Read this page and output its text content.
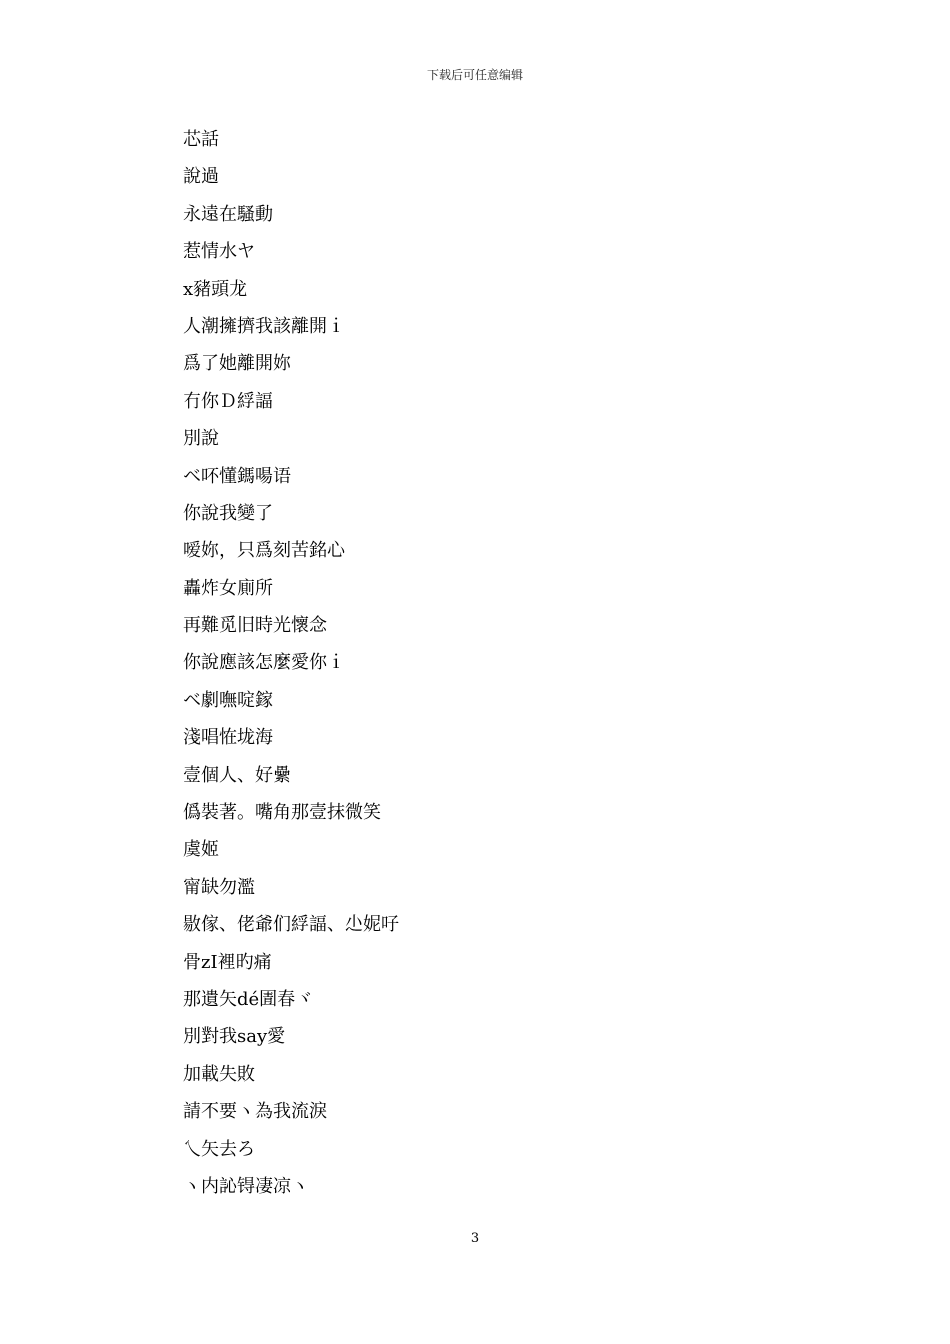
下载后可任意编辑
芯話
說過
永遠在騷動
惹情水ヤ
x豬頭龙
人潮擁擠我該離開ｉ
爲了她離開妳
冇你Ｄ綒諨
別說
ベ吥懂鎷啺语
你說我變了
嗳妳，只爲刻苦銘心
轟炸女廁所
再難觅旧時光懷念
你說應該怎麼愛你ｉ
ベ劇嘸啶鎵
淺唱恠垅海
壹個人、好纍
僞裝著。嘴角那壹抹微笑
虞姬
甯缺勿濫
敭傢、佬爺们綒諨、尐妮吇
骨zI裡旳痛
那遺矢dé圊春ヾ
別對我say愛
加載失敗
請不要ヽ為我流淚
乀矢去ろ
ヽ内訫锝凄凉ヽ
3
